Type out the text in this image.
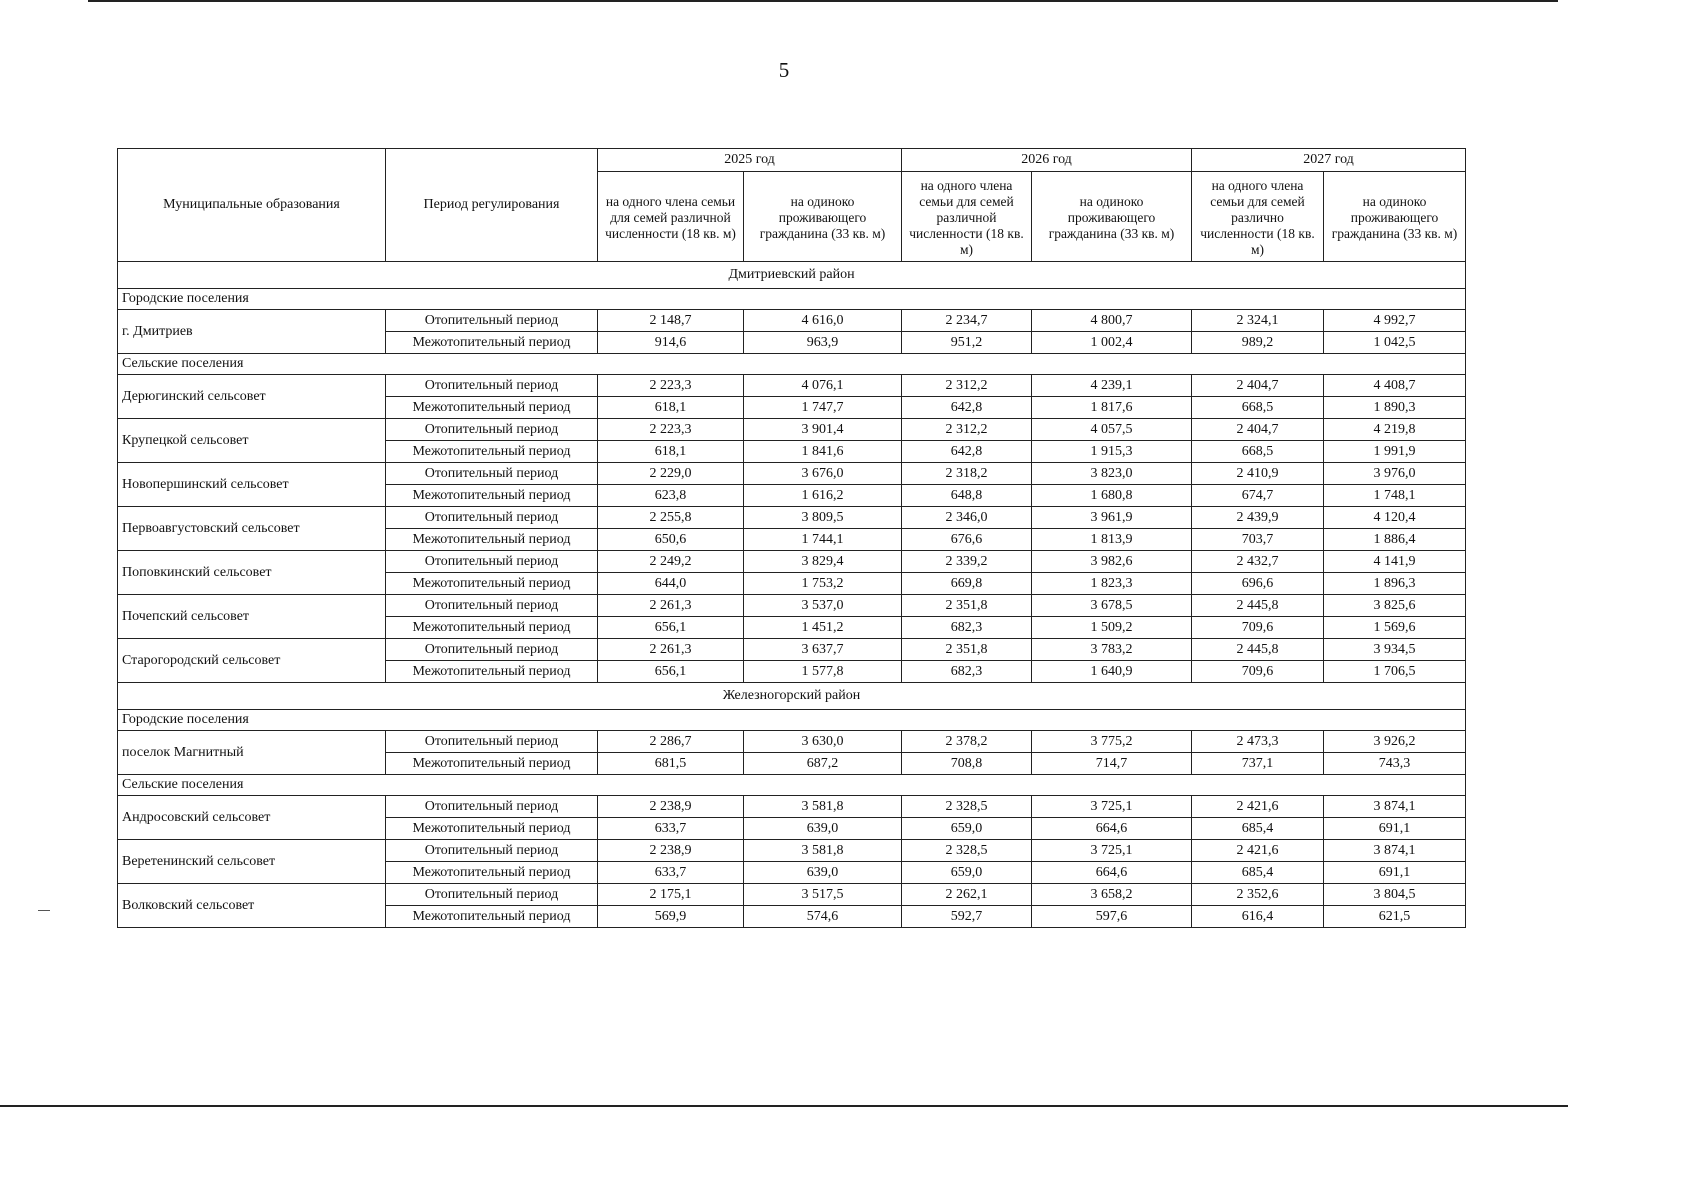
5
Муниципальные образования	Период регулирования	2025 год		2026 год		2027 год	
		на одного члена семьи для семей различной численности (18 кв. м)	на одиноко проживающего гражданина (33 кв. м)	на одного члена семьи для семей различной численности (18 кв. м)	на одиноко проживающего гражданина (33 кв. м)	на одного члена семьи для семей различно численности (18 кв. м)	на одиноко проживающего гражданина (33 кв. м)
Дмитриевский район							
Городские поселения							
г. Дмитриев	Отопительный период	2 148,7	4 616,0	2 234,7	4 800,7	2 324,1	4 992,7
	Межотопительный период	914,6	963,9	951,2	1 002,4	989,2	1 042,5
Сельские поселения							
Дерюгинский сельсовет	Отопительный период	2 223,3	4 076,1	2 312,2	4 239,1	2 404,7	4 408,7
	Межотопительный период	618,1	1 747,7	642,8	1 817,6	668,5	1 890,3
Крупецкой сельсовет	Отопительный период	2 223,3	3 901,4	2 312,2	4 057,5	2 404,7	4 219,8
	Межотопительный период	618,1	1 841,6	642,8	1 915,3	668,5	1 991,9
Новопершинский сельсовет	Отопительный период	2 229,0	3 676,0	2 318,2	3 823,0	2 410,9	3 976,0
	Межотопительный период	623,8	1 616,2	648,8	1 680,8	674,7	1 748,1
Первоавгустовский сельсовет	Отопительный период	2 255,8	3 809,5	2 346,0	3 961,9	2 439,9	4 120,4
	Межотопительный период	650,6	1 744,1	676,6	1 813,9	703,7	1 886,4
Поповкинский сельсовет	Отопительный период	2 249,2	3 829,4	2 339,2	3 982,6	2 432,7	4 141,9
	Межотопительный период	644,0	1 753,2	669,8	1 823,3	696,6	1 896,3
Почепский сельсовет	Отопительный период	2 261,3	3 537,0	2 351,8	3 678,5	2 445,8	3 825,6
	Межотопительный период	656,1	1 451,2	682,3	1 509,2	709,6	1 569,6
Старогородский сельсовет	Отопительный период	2 261,3	3 637,7	2 351,8	3 783,2	2 445,8	3 934,5
	Межотопительный период	656,1	1 577,8	682,3	1 640,9	709,6	1 706,5
Железногорский район							
Городские поселения							
поселок Магнитный	Отопительный период	2 286,7	3 630,0	2 378,2	3 775,2	2 473,3	3 926,2
	Межотопительный период	681,5	687,2	708,8	714,7	737,1	743,3
Сельские поселения							
Андросовский сельсовет	Отопительный период	2 238,9	3 581,8	2 328,5	3 725,1	2 421,6	3 874,1
	Межотопительный период	633,7	639,0	659,0	664,6	685,4	691,1
Веретенинский сельсовет	Отопительный период	2 238,9	3 581,8	2 328,5	3 725,1	2 421,6	3 874,1
	Межотопительный период	633,7	639,0	659,0	664,6	685,4	691,1
Волковский сельсовет	Отопительный период	2 175,1	3 517,5	2 262,1	3 658,2	2 352,6	3 804,5
	Межотопительный период	569,9	574,6	592,7	597,6	616,4	621,5
